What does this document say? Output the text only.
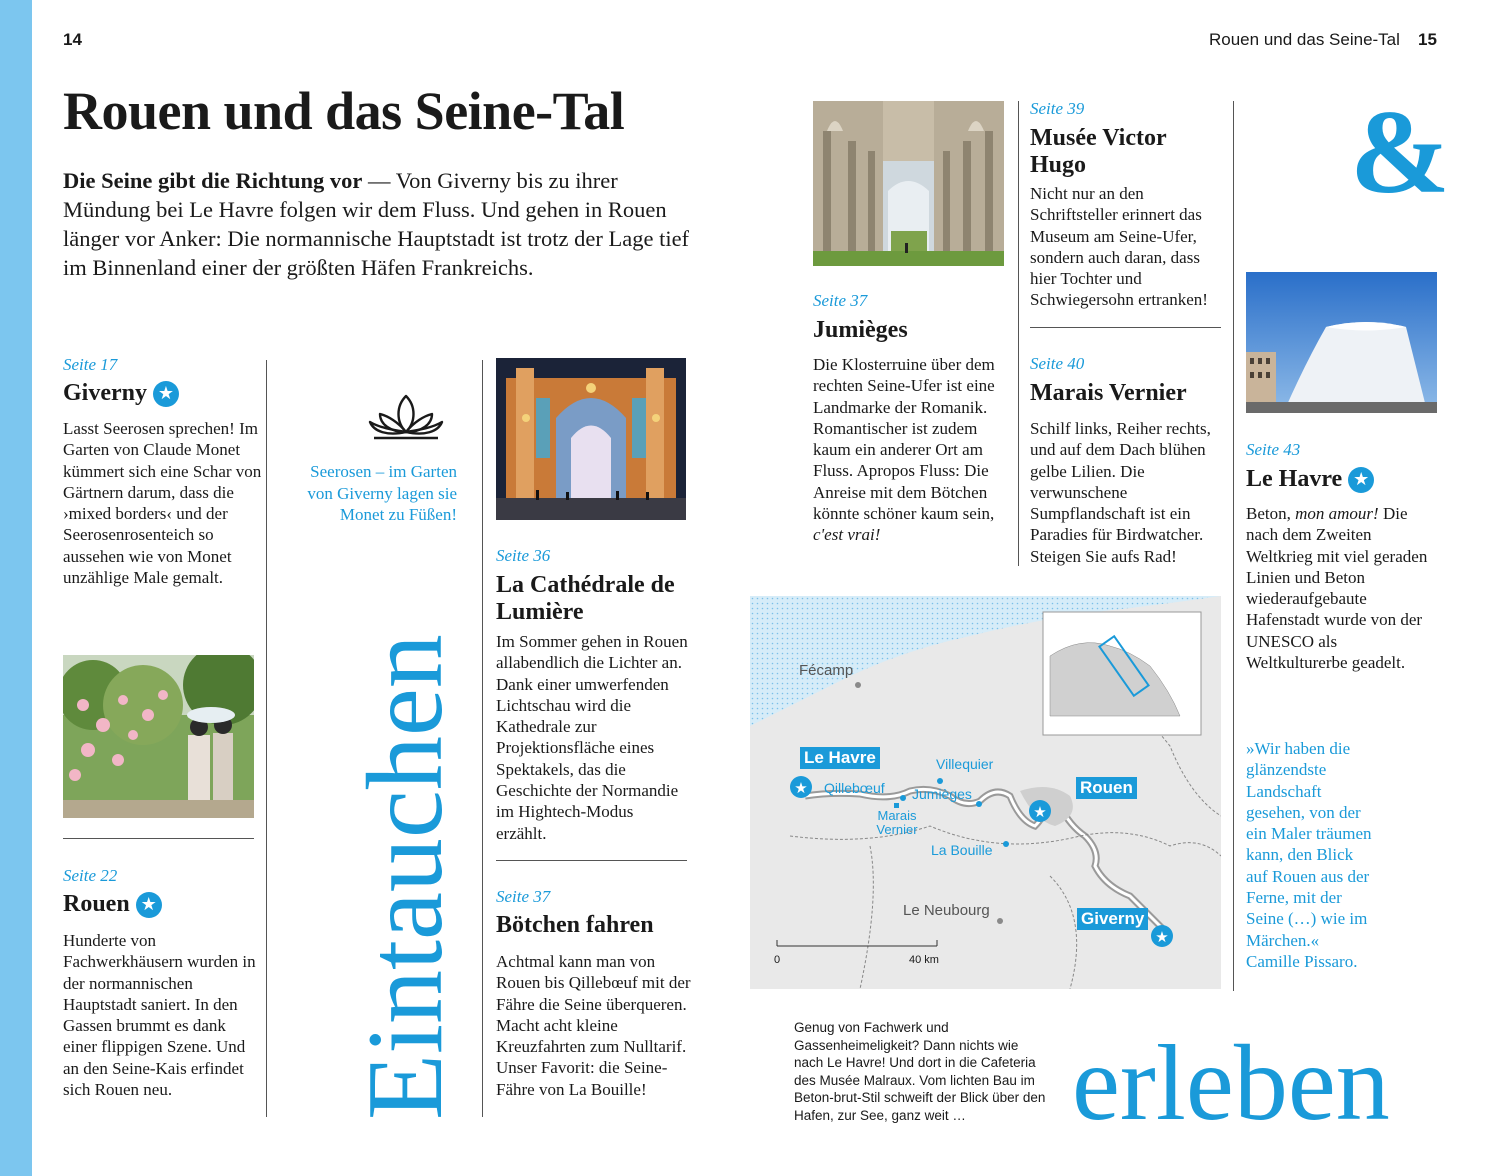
14	Rouen und das Seine-Tal 15
Rouen und das Seine-Tal
Die Seine gibt die Richtung vor — Von Giverny bis zu ihrer Mündung bei Le Havre folgen wir dem Fluss. Und gehen in Rouen länger vor Anker: Die normannische Hauptstadt ist trotz der Lage tief im Binnenland einer der größten Häfen Frankreichs.
Seite 17
Giverny ★
Lasst Seerosen sprechen! Im Garten von Claude Monet kümmert sich eine Schar von Gärtnern darum, dass die ›mixed borders‹ und der Seerosenrosenteich so aussehen wie von Monet unzählige Male gemalt.
Seite 22
Rouen ★
Hunderte von Fachwerkhäusern wurden in der normannischen Hauptstadt saniert. In den Gassen brummt es dank einer flippigen Szene. Und an den Seine-Kais erfindet sich Rouen neu.
Seerosen – im Garten von Giverny lagen sie Monet zu Füßen!
Eintauchen
Seite 36
La Cathédrale de Lumière
Im Sommer gehen in Rouen allabendlich die Lichter an. Dank einer umwerfenden Lichtschau wird die Kathedrale zur Projektionsfläche eines Spektakels, das die Geschichte der Normandie im Hightech-Modus erzählt.
Seite 37
Bötchen fahren
Achtmal kann man von Rouen bis Qillebœuf mit der Fähre die Seine überqueren. Macht acht kleine Kreuzfahrten zum Nulltarif. Unser Favorit: die Seine-Fähre von La Bouille!
Seite 37
Jumièges
Die Klosterruine über dem rechten Seine-Ufer ist eine Landmarke der Romanik. Romantischer ist zudem kaum ein anderer Ort am Fluss. Apropos Fluss: Die Anreise mit dem Bötchen könnte schöner kaum sein, c'est vrai!
Seite 39
Musée Victor Hugo
Nicht nur an den Schriftsteller erinnert das Museum am Seine-Ufer, sondern auch daran, dass hier Tochter und Schwiegersohn ertranken!
Seite 40
Marais Vernier
Schilf links, Reiher rechts, und auf dem Dach blühen gelbe Lilien. Die verwunschene Sumpflandschaft ist ein Paradies für Birdwatcher. Steigen Sie aufs Rad!
&
Seite 43
Le Havre ★
Beton, mon amour! Die nach dem Zweiten Weltkrieg mit viel geraden Linien und Beton wiederaufgebaute Hafenstadt wurde von der UNESCO als Weltkulturerbe geadelt.
»Wir haben die glänzendste Landschaft gesehen, von der ein Maler träumen kann, den Blick auf Rouen aus der Ferne, mit der Seine (…) wie im Märchen.« Camille Pissaro.
★
★
★
Fécamp
Le Havre
Qillebœuf
Marais Vernier
Villequier
Jumièges	Rouen
La Bouille
Le Neubourg	Giverny
0	40 km
Genug von Fachwerk und Gassenheimeligkeit? Dann nichts wie nach Le Havre! Und dort in die Cafeteria des Musée Malraux. Vom lichten Bau im Beton-brut-Stil schweift der Blick über den Hafen, zur See, ganz weit … erleben
